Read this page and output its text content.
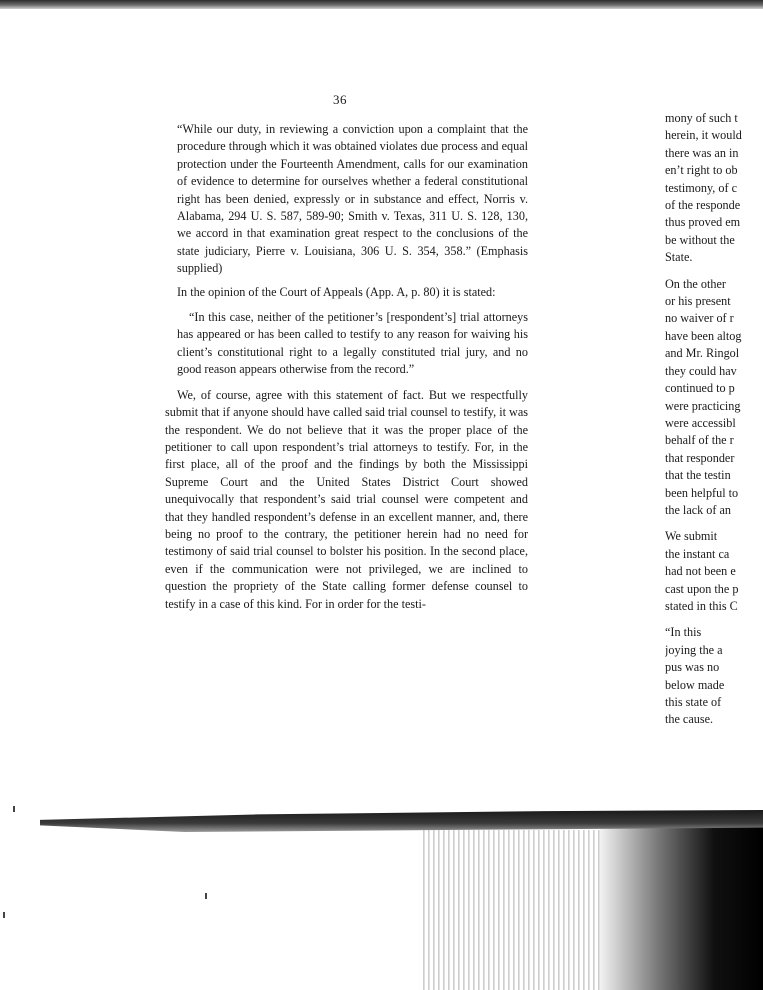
36

“While our duty, in reviewing a conviction upon a complaint that the procedure through which it was obtained violates due process and equal protection under the Fourteenth Amendment, calls for our examination of evidence to determine for ourselves whether a federal constitutional right has been denied, expressly or in substance and effect, Norris v. Alabama, 294 U. S. 587, 589-90; Smith v. Texas, 311 U. S. 128, 130, we accord in that examination great respect to the conclusions of the state judiciary, Pierre v. Louisiana, 306 U. S. 354, 358.” (Emphasis supplied)

In the opinion of the Court of Appeals (App. A, p. 80) it is stated:

“In this case, neither of the petitioner’s [respondent’s] trial attorneys has appeared or has been called to testify to any reason for waiving his client’s constitutional right to a legally constituted trial jury, and no good reason appears otherwise from the record.”

We, of course, agree with this statement of fact. But we respectfully submit that if anyone should have called said trial counsel to testify, it was the respondent. We do not believe that it was the proper place of the petitioner to call upon respondent’s trial attorneys to testify. For, in the first place, all of the proof and the findings by both the Mississippi Supreme Court and the United States District Court showed unequivocally that respondent’s said trial counsel were competent and that they handled respondent’s defense in an excellent manner, and, there being no proof to the contrary, the petitioner herein had no need for testimony of said trial counsel to bolster his position. In the second place, even if the communication were not privileged, we are inclined to question the propriety of the State calling former defense counsel to testify in a case of this kind. For in order for the testi-

mony of such t
herein, it would
there was an in
en’t right to ob
testimony, of c
of the responde
thus proved em
be without the
State.
On the other
or his present
no waiver of r
have been altog
and Mr. Ringol
they could hav
continued to p
were practicing
were accessibl
behalf of the r
that responder
that the testin
been helpful to
the lack of an
We submit
the instant ca
had not been e
cast upon the p
stated in this C
“In this
joying the a
pus was no
below made
this state of
the cause.
